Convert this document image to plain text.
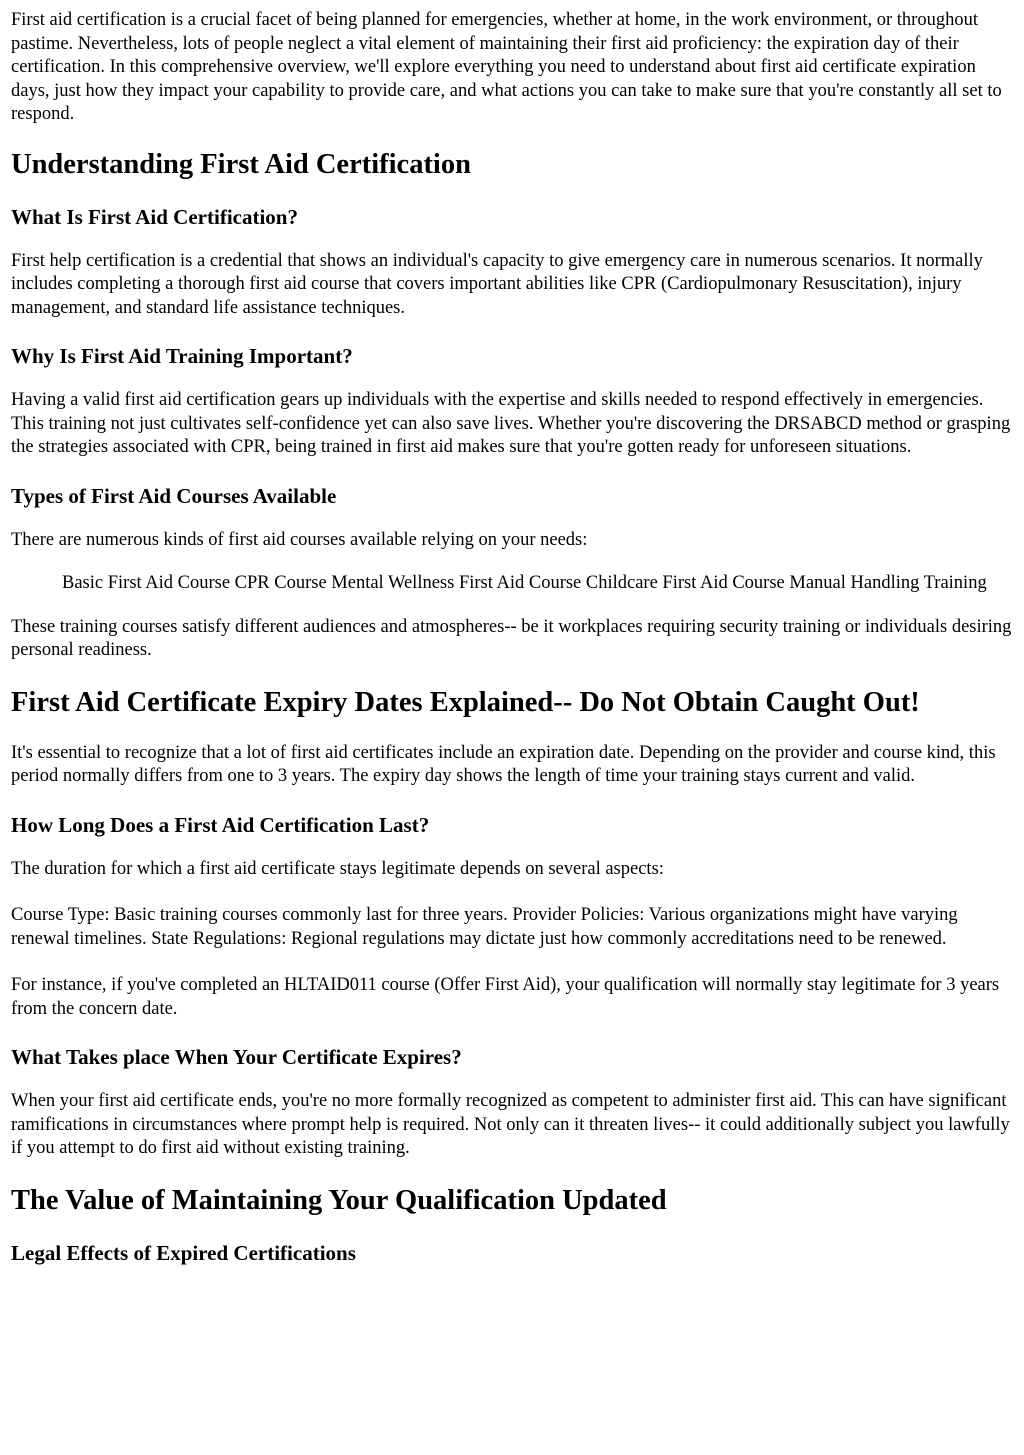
First aid certification is a crucial facet of being planned for emergencies, whether at home, in the work environment, or throughout pastime. Nevertheless, lots of people neglect a vital element of maintaining their first aid proficiency: the expiration day of their certification. In this comprehensive overview, we'll explore everything you need to understand about first aid certificate expiration days, just how they impact your capability to provide care, and what actions you can take to make sure that you're constantly all set to respond.

Understanding First Aid Certification
What Is First Aid Certification?

First help certification is a credential that shows an individual's capacity to give emergency care in numerous scenarios. It normally includes completing a thorough first aid course that covers important abilities like CPR (Cardiopulmonary Resuscitation), injury management, and standard life assistance techniques.

Why Is First Aid Training Important?

Having a valid first aid certification gears up individuals with the expertise and skills needed to respond effectively in emergencies. This training not just cultivates self-confidence yet can also save lives. Whether you're discovering the DRSABCD method or grasping the strategies associated with CPR, being trained in first aid makes sure that you're gotten ready for unforeseen situations.

Types of First Aid Courses Available

There are numerous kinds of first aid courses available relying on your needs:

Basic First Aid Course CPR Course Mental Wellness First Aid Course Childcare First Aid Course Manual Handling Training

These training courses satisfy different audiences and atmospheres-- be it workplaces requiring security training or individuals desiring personal readiness.

First Aid Certificate Expiry Dates Explained-- Do Not Obtain Caught Out!

It's essential to recognize that a lot of first aid certificates include an expiration date. Depending on the provider and course kind, this period normally differs from one to 3 years. The expiry day shows the length of time your training stays current and valid.

How Long Does a First Aid Certification Last?

The duration for which a first aid certificate stays legitimate depends on several aspects:

Course Type: Basic training courses commonly last for three years. Provider Policies: Various organizations might have varying renewal timelines. State Regulations: Regional regulations may dictate just how commonly accreditations need to be renewed.

For instance, if you've completed an HLTAID011 course (Offer First Aid), your qualification will normally stay legitimate for 3 years from the concern date.

What Takes place When Your Certificate Expires?

When your first aid certificate ends, you're no more formally recognized as competent to administer first aid. This can have significant ramifications in circumstances where prompt help is required. Not only can it threaten lives-- it could additionally subject you lawfully if you attempt to do first aid without existing training.

The Value of Maintaining Your Qualification Updated
Legal Effects of Expired Certifications
